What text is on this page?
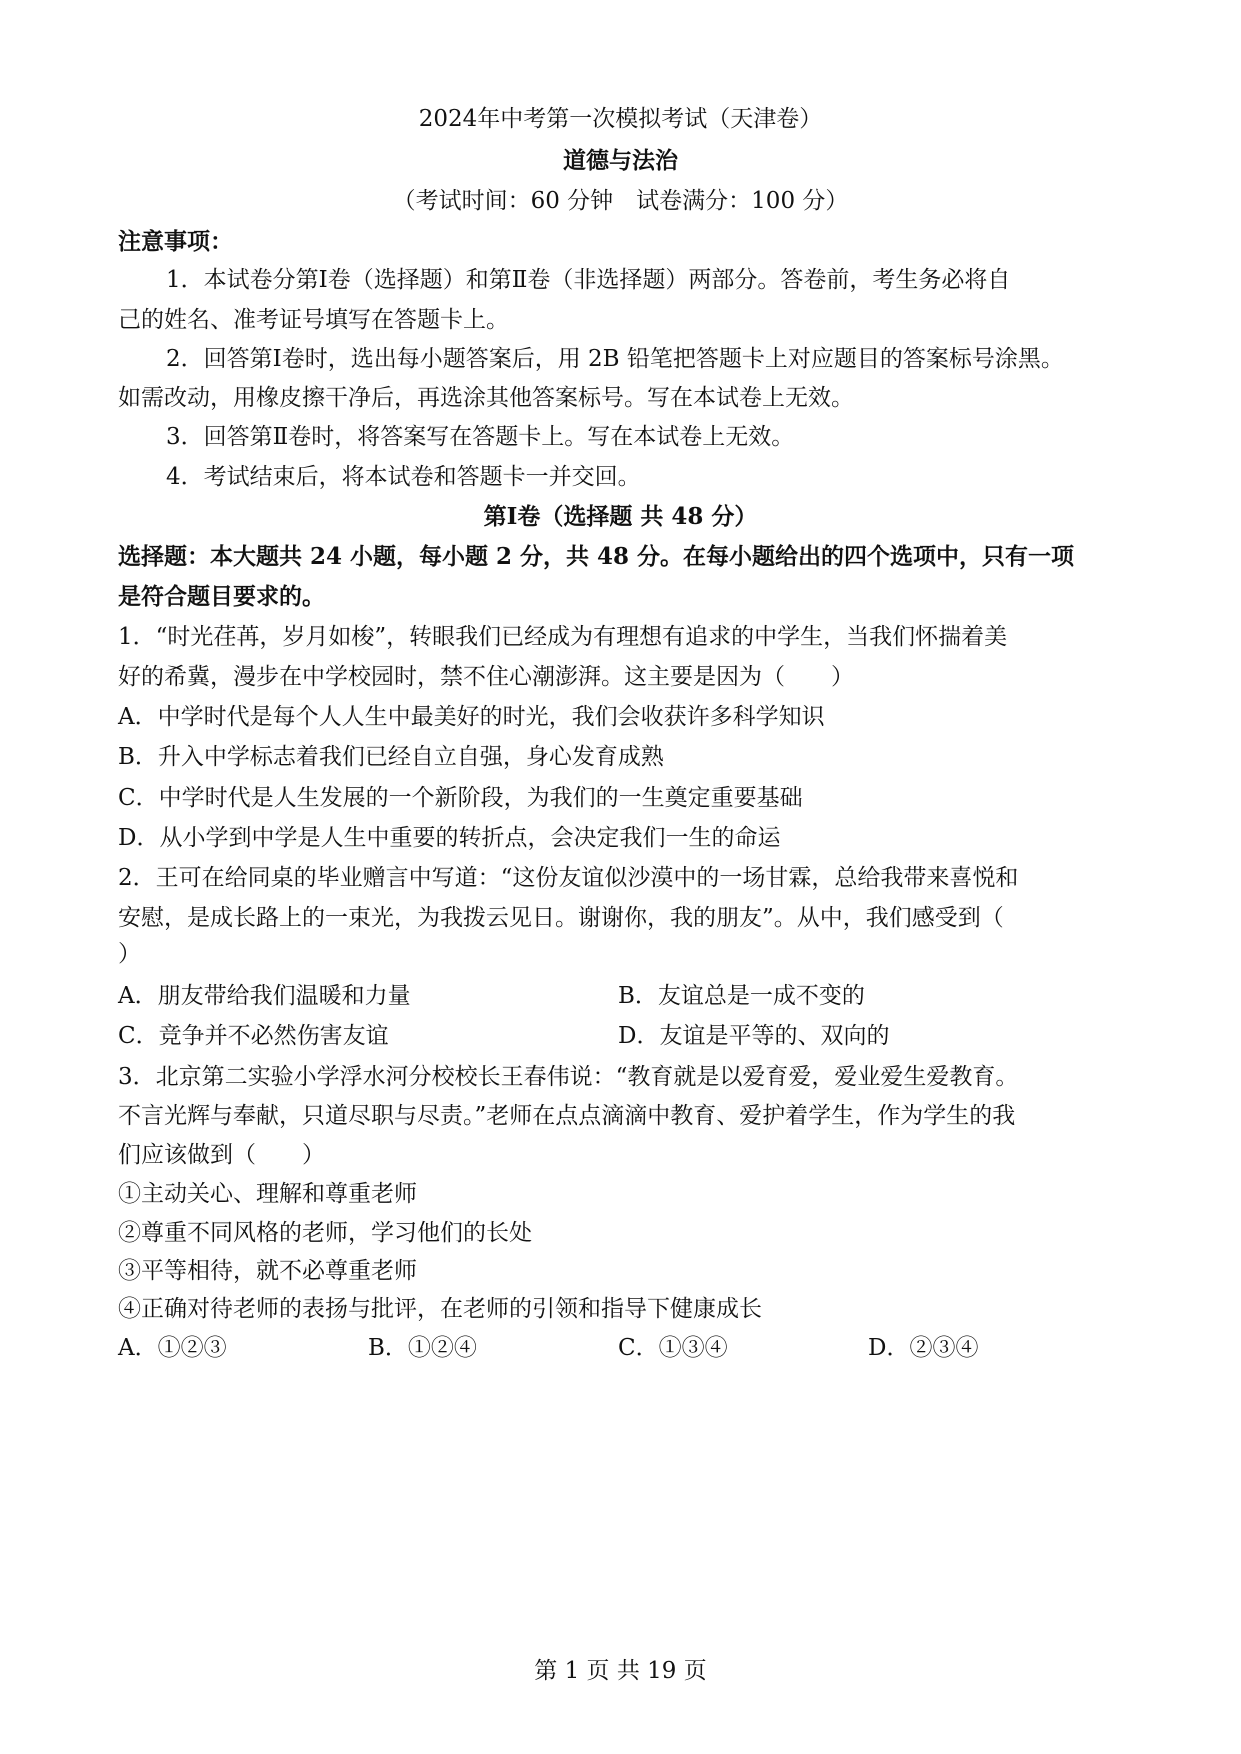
2024年中考第一次模拟考试（天津卷）
道德与法治
（考试时间：60 分钟　试卷满分：100 分）
注意事项：
1．本试卷分第Ⅰ卷（选择题）和第Ⅱ卷（非选择题）两部分。答卷前，考生务必将自
己的姓名、准考证号填写在答题卡上。
2．回答第Ⅰ卷时，选出每小题答案后，用 2B 铅笔把答题卡上对应题目的答案标号涂黑。
如需改动，用橡皮擦干净后，再选涂其他答案标号。写在本试卷上无效。
3．回答第Ⅱ卷时，将答案写在答题卡上。写在本试卷上无效。
4．考试结束后，将本试卷和答题卡一并交回。
第Ⅰ卷（选择题 共 48 分）
选择题：本大题共 24 小题，每小题 2 分，共 48 分。在每小题给出的四个选项中，只有一项
是符合题目要求的。
1．“时光荏苒，岁月如梭”，转眼我们已经成为有理想有追求的中学生，当我们怀揣着美
好的希冀，漫步在中学校园时，禁不住心潮澎湃。这主要是因为（　　）
A．中学时代是每个人人生中最美好的时光，我们会收获许多科学知识
B．升入中学标志着我们已经自立自强，身心发育成熟
C．中学时代是人生发展的一个新阶段，为我们的一生奠定重要基础
D．从小学到中学是人生中重要的转折点，会决定我们一生的命运
2．王可在给同桌的毕业赠言中写道：“这份友谊似沙漠中的一场甘霖，总给我带来喜悦和
安慰，是成长路上的一束光，为我拨云见日。谢谢你，我的朋友”。从中，我们感受到（
）
A．朋友带给我们温暖和力量	B．友谊总是一成不变的
C．竞争并不必然伤害友谊	D．友谊是平等的、双向的
3．北京第二实验小学浮水河分校校长王春伟说：“教育就是以爱育爱，爱业爱生爱教育。
不言光辉与奉献，只道尽职与尽责。”老师在点点滴滴中教育、爱护着学生，作为学生的我
们应该做到（　　）
①主动关心、理解和尊重老师
②尊重不同风格的老师，学习他们的长处
③平等相待，就不必尊重老师
④正确对待老师的表扬与批评，在老师的引领和指导下健康成长
A．①②③	B．①②④	C．①③④	D．②③④
第 1 页 共 19 页
